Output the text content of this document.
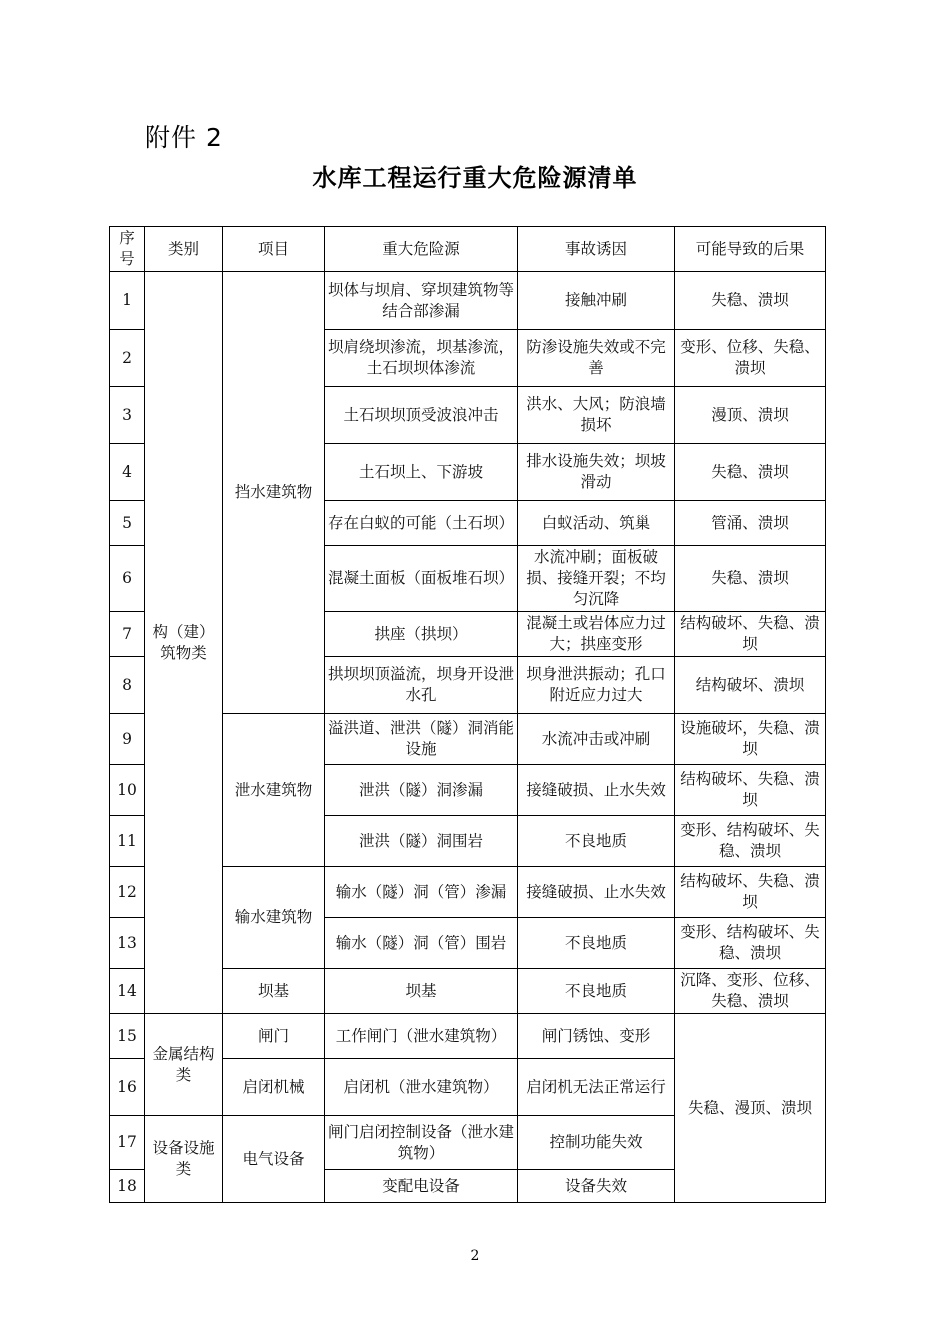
附件 2
水库工程运行重大危险源清单
序号	类别	项目	重大危险源	事故诱因	可能导致的后果
1	构（建）筑物类	挡水建筑物	坝体与坝肩、穿坝建筑物等结合部渗漏	接触冲刷	失稳、溃坝
2			坝肩绕坝渗流，坝基渗流，土石坝坝体渗流	防渗设施失效或不完善	变形、位移、失稳、溃坝
3			土石坝坝顶受波浪冲击	洪水、大风；防浪墙损坏	漫顶、溃坝
4			土石坝上、下游坡	排水设施失效；坝坡滑动	失稳、溃坝
5			存在白蚁的可能（土石坝）	白蚁活动、筑巢	管涌、溃坝
6			混凝土面板（面板堆石坝）	水流冲刷；面板破损、接缝开裂；不均匀沉降	失稳、溃坝
7			拱座（拱坝）	混凝土或岩体应力过大；拱座变形	结构破坏、失稳、溃坝
8			拱坝坝顶溢流，坝身开设泄水孔	坝身泄洪振动；孔口附近应力过大	结构破坏、溃坝
9		泄水建筑物	溢洪道、泄洪（隧）洞消能设施	水流冲击或冲刷	设施破坏，失稳、溃坝
10			泄洪（隧）洞渗漏	接缝破损、止水失效	结构破坏、失稳、溃坝
11			泄洪（隧）洞围岩	不良地质	变形、结构破坏、失稳、溃坝
12		输水建筑物	输水（隧）洞（管）渗漏	接缝破损、止水失效	结构破坏、失稳、溃坝
13			输水（隧）洞（管）围岩	不良地质	变形、结构破坏、失稳、溃坝
14		坝基	坝基	不良地质	沉降、变形、位移、失稳、溃坝
15	金属结构类	闸门	工作闸门（泄水建筑物）	闸门锈蚀、变形	失稳、漫顶、溃坝
16		启闭机械	启闭机（泄水建筑物）	启闭机无法正常运行	
17	设备设施类	电气设备	闸门启闭控制设备（泄水建筑物）	控制功能失效	
18			变配电设备	设备失效	
2
